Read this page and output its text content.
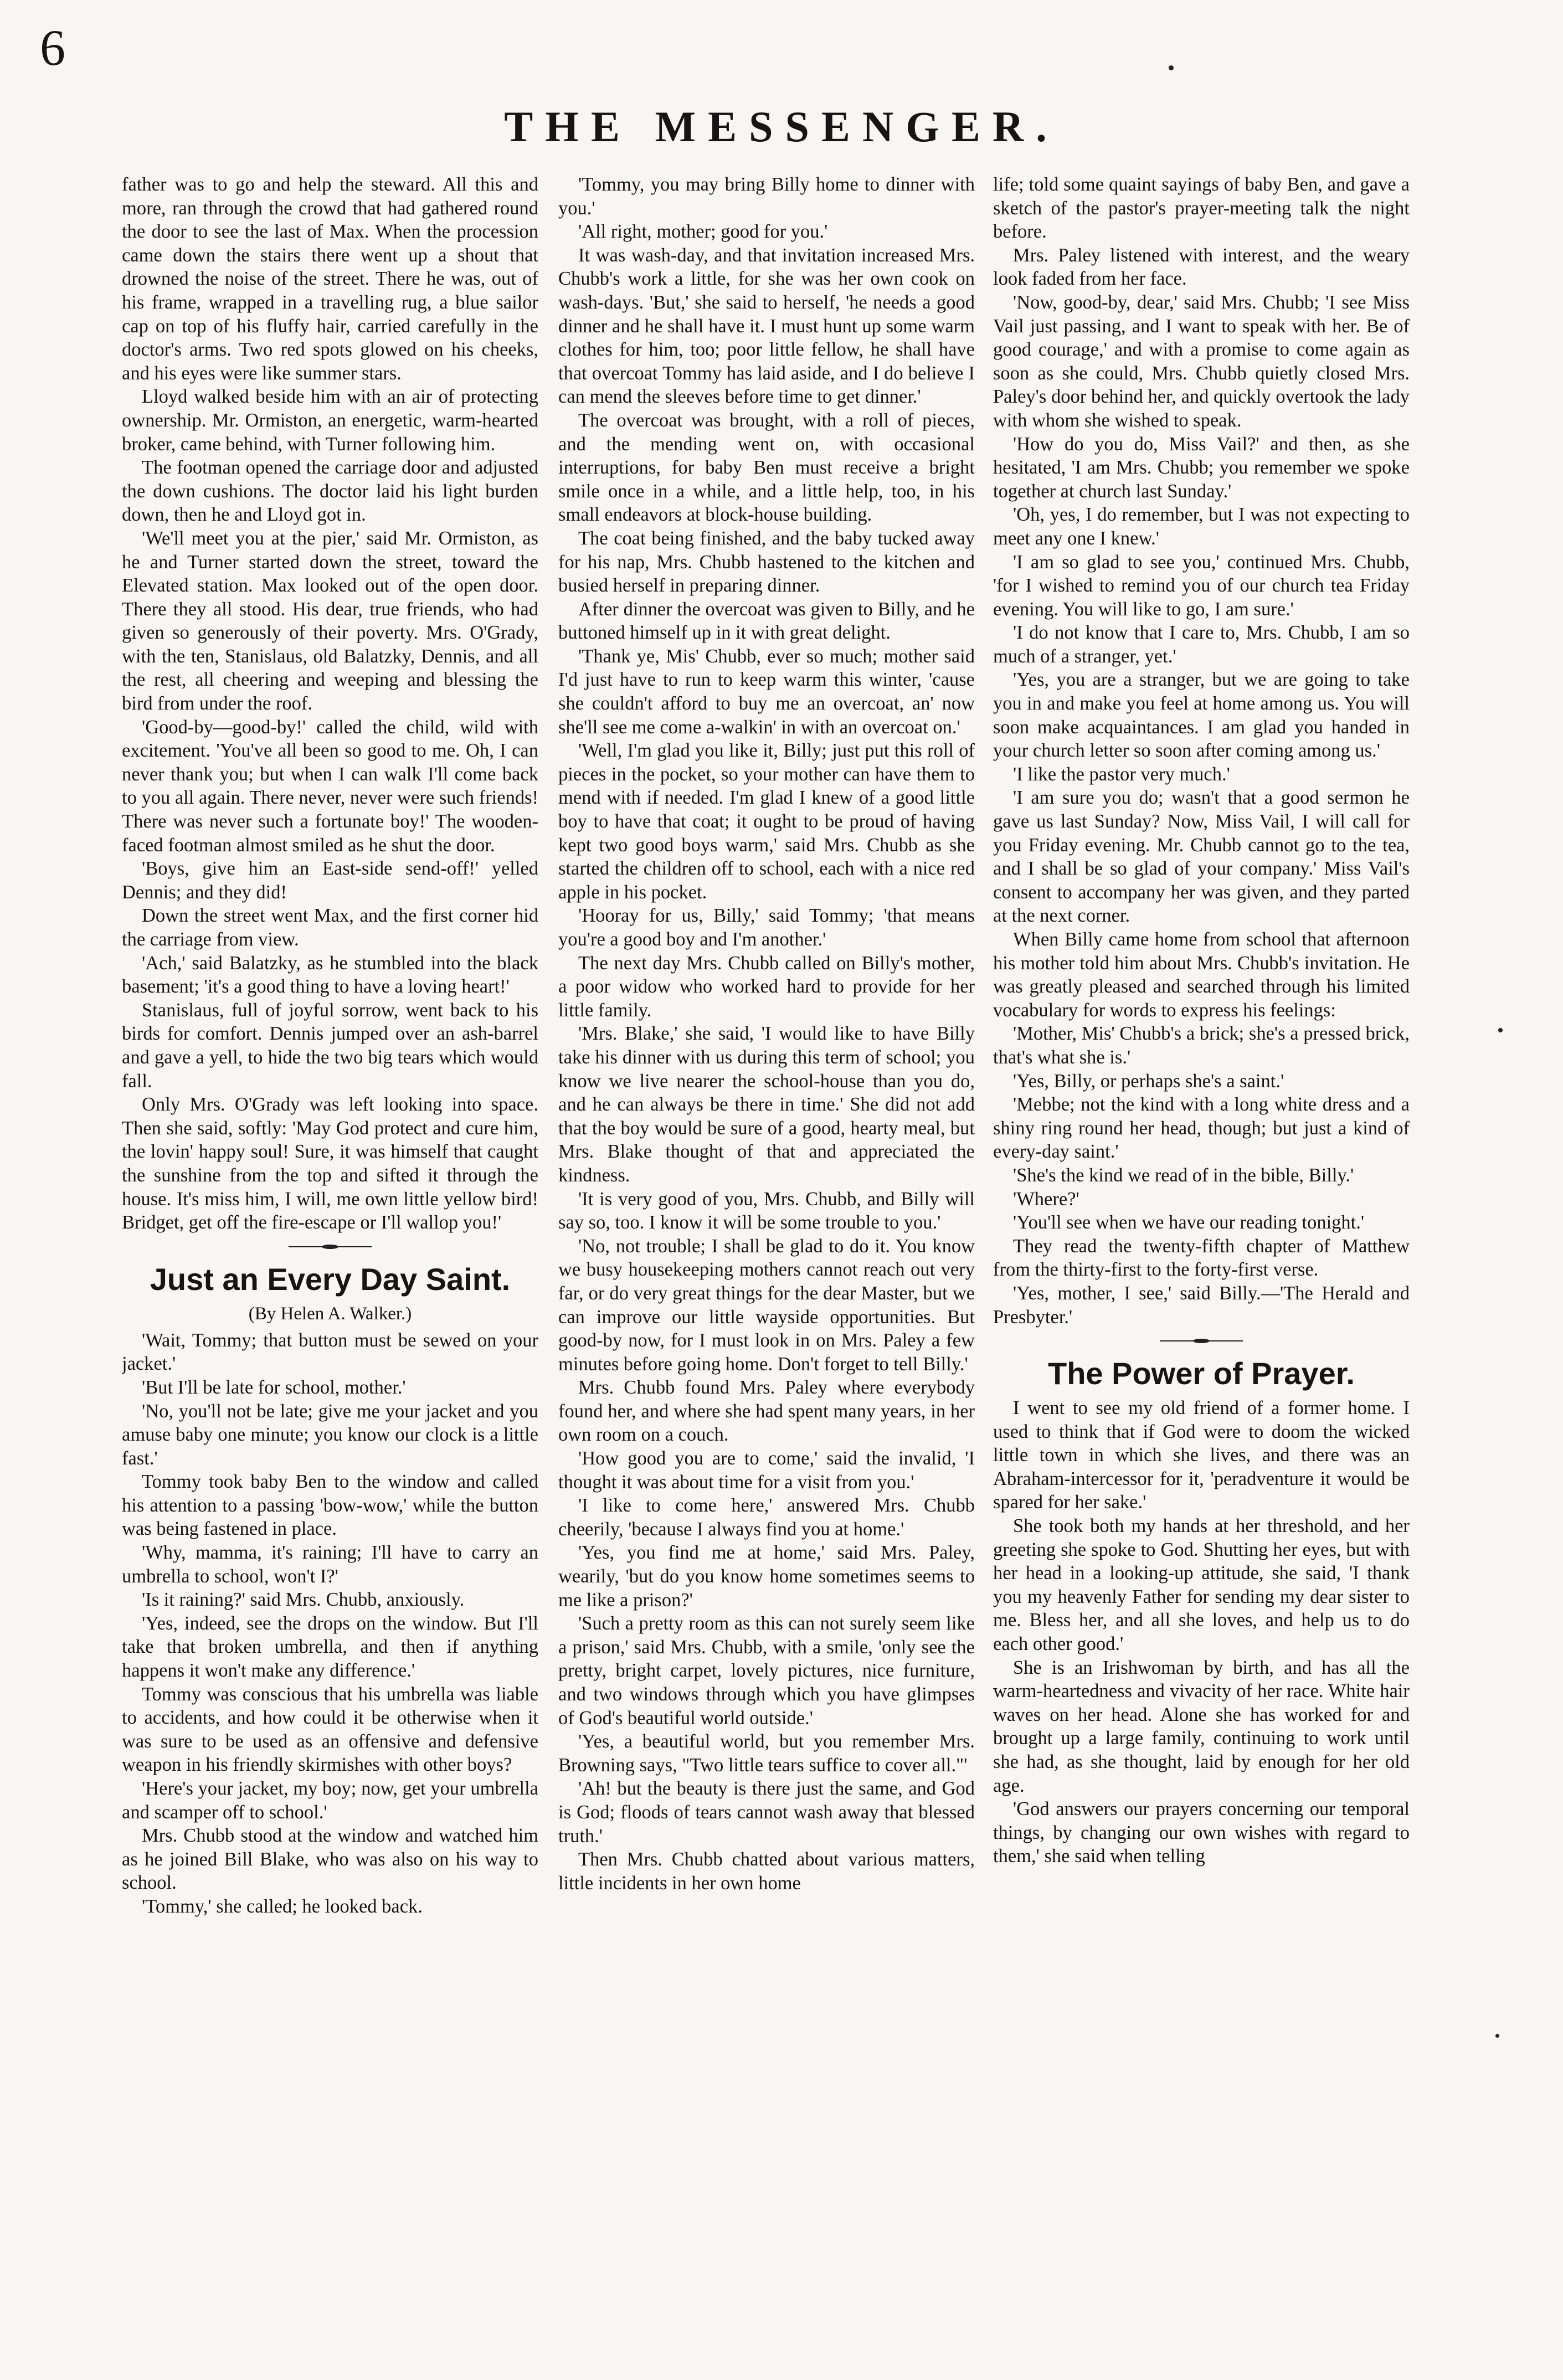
6
THE MESSENGER.

father was to go and help the steward. All this and more, ran through the crowd that had gathered round the door to see the last of Max. When the procession came down the stairs there went up a shout that drowned the noise of the street. There he was, out of his frame, wrapped in a travelling rug, a blue sailor cap on top of his fluffy hair, carried carefully in the doctor's arms. Two red spots glowed on his cheeks, and his eyes were like summer stars.

Lloyd walked beside him with an air of protecting ownership. Mr. Ormiston, an energetic, warm-hearted broker, came behind, with Turner following him.

The footman opened the carriage door and adjusted the down cushions. The doctor laid his light burden down, then he and Lloyd got in.

'We'll meet you at the pier,' said Mr. Ormiston, as he and Turner started down the street, toward the Elevated station. Max looked out of the open door. There they all stood. His dear, true friends, who had given so generously of their poverty. Mrs. O'Grady, with the ten, Stanislaus, old Balatzky, Dennis, and all the rest, all cheering and weeping and blessing the bird from under the roof.

'Good-by—good-by!' called the child, wild with excitement. 'You've all been so good to me. Oh, I can never thank you; but when I can walk I'll come back to you all again. There never, never were such friends! There was never such a fortunate boy!' The wooden-faced footman almost smiled as he shut the door.

'Boys, give him an East-side send-off!' yelled Dennis; and they did!

Down the street went Max, and the first corner hid the carriage from view.

'Ach,' said Balatzky, as he stumbled into the black basement; 'it's a good thing to have a loving heart!'

Stanislaus, full of joyful sorrow, went back to his birds for comfort. Dennis jumped over an ash-barrel and gave a yell, to hide the two big tears which would fall.

Only Mrs. O'Grady was left looking into space. Then she said, softly: 'May God protect and cure him, the lovin' happy soul! Sure, it was himself that caught the sunshine from the top and sifted it through the house. It's miss him, I will, me own little yellow bird! Bridget, get off the fire-escape or I'll wallop you!'

Just an Every Day Saint.
(By Helen A. Walker.)

'Wait, Tommy; that button must be sewed on your jacket.'

'But I'll be late for school, mother.'

'No, you'll not be late; give me your jacket and you amuse baby one minute; you know our clock is a little fast.'

Tommy took baby Ben to the window and called his attention to a passing 'bow-wow,' while the button was being fastened in place.

'Why, mamma, it's raining; I'll have to carry an umbrella to school, won't I?'

'Is it raining?' said Mrs. Chubb, anxiously.

'Yes, indeed, see the drops on the window. But I'll take that broken umbrella, and then if anything happens it won't make any difference.'

Tommy was conscious that his umbrella was liable to accidents, and how could it be otherwise when it was sure to be used as an offensive and defensive weapon in his friendly skirmishes with other boys?

'Here's your jacket, my boy; now, get your umbrella and scamper off to school.'

Mrs. Chubb stood at the window and watched him as he joined Bill Blake, who was also on his way to school.

'Tommy,' she called; he looked back.

'Tommy, you may bring Billy home to dinner with you.'

'All right, mother; good for you.'

It was wash-day, and that invitation increased Mrs. Chubb's work a little, for she was her own cook on wash-days. 'But,' she said to herself, 'he needs a good dinner and he shall have it. I must hunt up some warm clothes for him, too; poor little fellow, he shall have that overcoat Tommy has laid aside, and I do believe I can mend the sleeves before time to get dinner.'

The overcoat was brought, with a roll of pieces, and the mending went on, with occasional interruptions, for baby Ben must receive a bright smile once in a while, and a little help, too, in his small endeavors at block-house building.

The coat being finished, and the baby tucked away for his nap, Mrs. Chubb hastened to the kitchen and busied herself in preparing dinner.

After dinner the overcoat was given to Billy, and he buttoned himself up in it with great delight.

'Thank ye, Mis' Chubb, ever so much; mother said I'd just have to run to keep warm this winter, 'cause she couldn't afford to buy me an overcoat, an' now she'll see me come a-walkin' in with an overcoat on.'

'Well, I'm glad you like it, Billy; just put this roll of pieces in the pocket, so your mother can have them to mend with if needed. I'm glad I knew of a good little boy to have that coat; it ought to be proud of having kept two good boys warm,' said Mrs. Chubb as she started the children off to school, each with a nice red apple in his pocket.

'Hooray for us, Billy,' said Tommy; 'that means you're a good boy and I'm another.'

The next day Mrs. Chubb called on Billy's mother, a poor widow who worked hard to provide for her little family.

'Mrs. Blake,' she said, 'I would like to have Billy take his dinner with us during this term of school; you know we live nearer the school-house than you do, and he can always be there in time.' She did not add that the boy would be sure of a good, hearty meal, but Mrs. Blake thought of that and appreciated the kindness.

'It is very good of you, Mrs. Chubb, and Billy will say so, too. I know it will be some trouble to you.'

'No, not trouble; I shall be glad to do it. You know we busy housekeeping mothers cannot reach out very far, or do very great things for the dear Master, but we can improve our little wayside opportunities. But good-by now, for I must look in on Mrs. Paley a few minutes before going home. Don't forget to tell Billy.'

Mrs. Chubb found Mrs. Paley where everybody found her, and where she had spent many years, in her own room on a couch.

'How good you are to come,' said the invalid, 'I thought it was about time for a visit from you.'

'I like to come here,' answered Mrs. Chubb cheerily, 'because I always find you at home.'

'Yes, you find me at home,' said Mrs. Paley, wearily, 'but do you know home sometimes seems to me like a prison?'

'Such a pretty room as this can not surely seem like a prison,' said Mrs. Chubb, with a smile, 'only see the pretty, bright carpet, lovely pictures, nice furniture, and two windows through which you have glimpses of God's beautiful world outside.'

'Yes, a beautiful world, but you remember Mrs. Browning says, "Two little tears suffice to cover all."'

'Ah! but the beauty is there just the same, and God is God; floods of tears cannot wash away that blessed truth.'

Then Mrs. Chubb chatted about various matters, little incidents in her own home

life; told some quaint sayings of baby Ben, and gave a sketch of the pastor's prayer-meeting talk the night before.

Mrs. Paley listened with interest, and the weary look faded from her face.

'Now, good-by, dear,' said Mrs. Chubb; 'I see Miss Vail just passing, and I want to speak with her. Be of good courage,' and with a promise to come again as soon as she could, Mrs. Chubb quietly closed Mrs. Paley's door behind her, and quickly overtook the lady with whom she wished to speak.

'How do you do, Miss Vail?' and then, as she hesitated, 'I am Mrs. Chubb; you remember we spoke together at church last Sunday.'

'Oh, yes, I do remember, but I was not expecting to meet any one I knew.'

'I am so glad to see you,' continued Mrs. Chubb, 'for I wished to remind you of our church tea Friday evening. You will like to go, I am sure.'

'I do not know that I care to, Mrs. Chubb, I am so much of a stranger, yet.'

'Yes, you are a stranger, but we are going to take you in and make you feel at home among us. You will soon make acquaintances. I am glad you handed in your church letter so soon after coming among us.'

'I like the pastor very much.'

'I am sure you do; wasn't that a good sermon he gave us last Sunday? Now, Miss Vail, I will call for you Friday evening. Mr. Chubb cannot go to the tea, and I shall be so glad of your company.' Miss Vail's consent to accompany her was given, and they parted at the next corner.

When Billy came home from school that afternoon his mother told him about Mrs. Chubb's invitation. He was greatly pleased and searched through his limited vocabulary for words to express his feelings:

'Mother, Mis' Chubb's a brick; she's a pressed brick, that's what she is.'

'Yes, Billy, or perhaps she's a saint.'

'Mebbe; not the kind with a long white dress and a shiny ring round her head, though; but just a kind of every-day saint.'

'She's the kind we read of in the bible, Billy.'

'Where?'

'You'll see when we have our reading tonight.'

They read the twenty-fifth chapter of Matthew from the thirty-first to the forty-first verse.

'Yes, mother, I see,' said Billy.—'The Herald and Presbyter.'

The Power of Prayer.

I went to see my old friend of a former home. I used to think that if God were to doom the wicked little town in which she lives, and there was an Abraham-intercessor for it, 'peradventure it would be spared for her sake.'

She took both my hands at her threshold, and her greeting she spoke to God. Shutting her eyes, but with her head in a looking-up attitude, she said, 'I thank you my heavenly Father for sending my dear sister to me. Bless her, and all she loves, and help us to do each other good.'

She is an Irishwoman by birth, and has all the warm-heartedness and vivacity of her race. White hair waves on her head. Alone she has worked for and brought up a large family, continuing to work until she had, as she thought, laid by enough for her old age.

'God answers our prayers concerning our temporal things, by changing our own wishes with regard to them,' she said when telling
